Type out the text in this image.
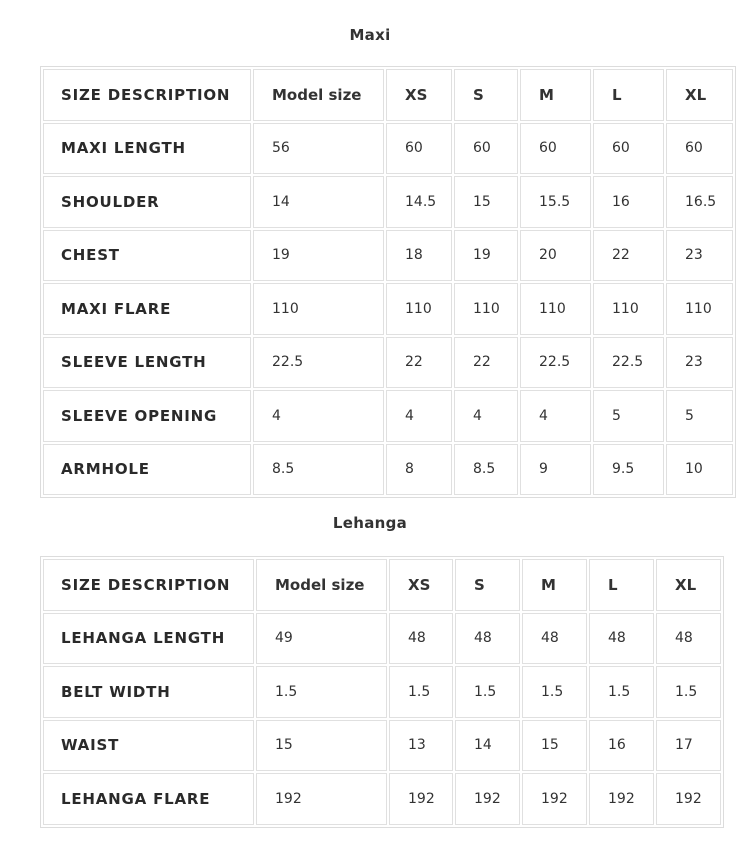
Maxi
SIZE DESCRIPTION	Model size	XS	S	M	L	XL
MAXI LENGTH	56	60	60	60	60	60
SHOULDER	14	14.5	15	15.5	16	16.5
CHEST	19	18	19	20	22	23
MAXI FLARE	110	110	110	110	110	110
SLEEVE LENGTH	22.5	22	22	22.5	22.5	23
SLEEVE OPENING	4	4	4	4	5	5
ARMHOLE	8.5	8	8.5	9	9.5	10
Lehanga
SIZE DESCRIPTION	Model size	XS	S	M	L	XL
LEHANGA LENGTH	49	48	48	48	48	48
BELT WIDTH	1.5	1.5	1.5	1.5	1.5	1.5
WAIST	15	13	14	15	16	17
LEHANGA FLARE	192	192	192	192	192	192
